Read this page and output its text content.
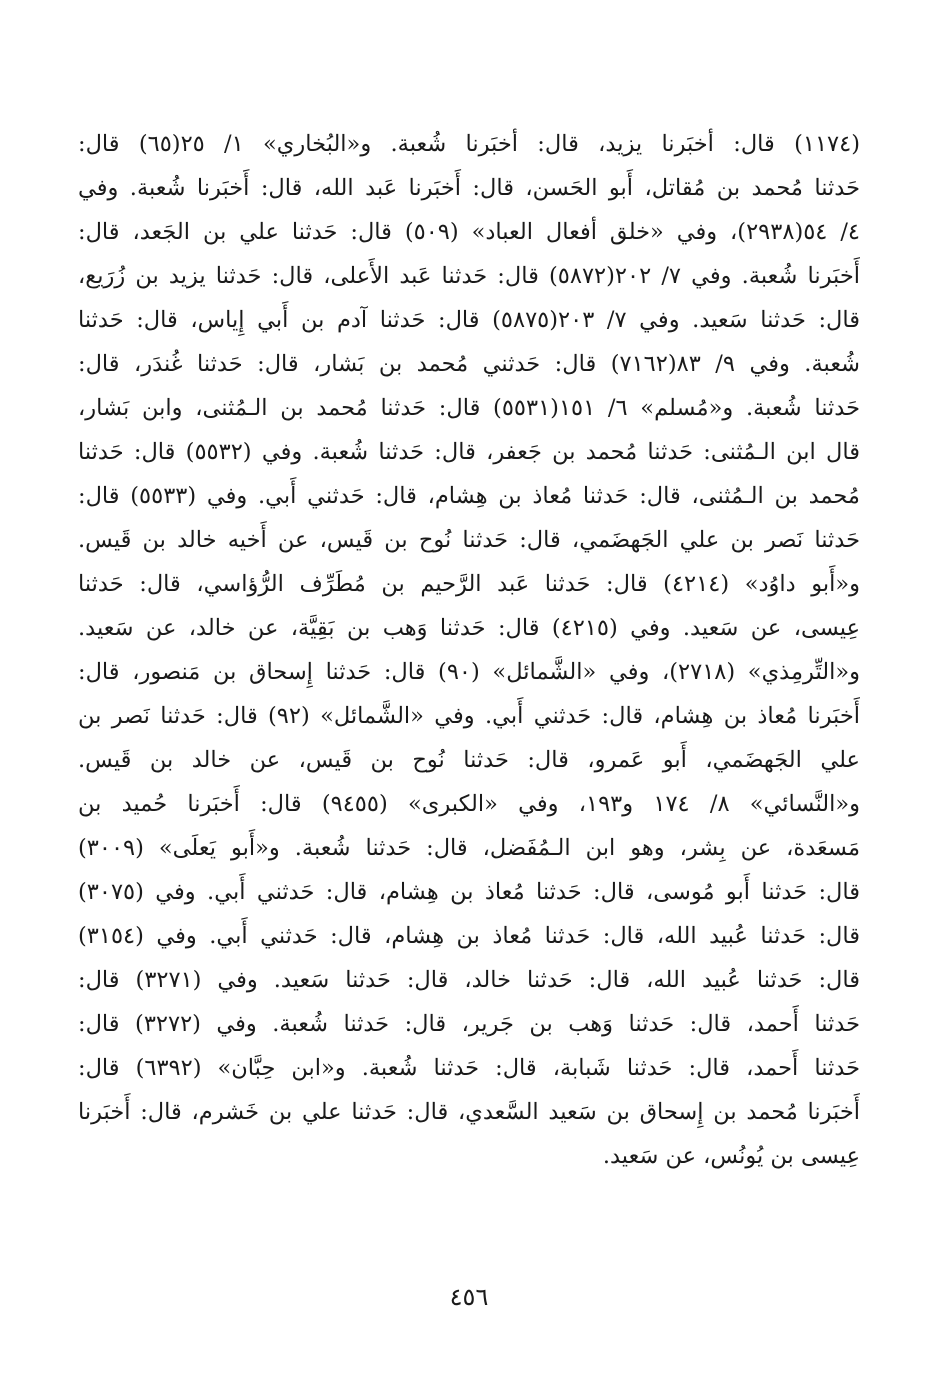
(١١٧٤) قال: أخبَرنا يزيد، قال: أخبَرنا شُعبة. و«البُخاري» ١/ ٢٥(٦٥) قال:
حَدثنا مُحمد بن مُقاتل، أَبو الحَسن، قال: أَخبَرنا عَبد الله، قال: أَخبَرنا شُعبة. وفي
٤/ ٥٤(٢٩٣٨)، وفي «خلق أفعال العباد» (٥٠٩) قال: حَدثنا علي بن الجَعد، قال:
أَخبَرنا شُعبة. وفي ٧/ ٢٠٢(٥٨٧٢) قال: حَدثنا عَبد الأَعلى، قال: حَدثنا يزيد بن زُرَيع،
قال: حَدثنا سَعيد. وفي ٧/ ٢٠٣(٥٨٧٥) قال: حَدثنا آدم بن أَبي إِياس، قال: حَدثنا
شُعبة. وفي ٩/ ٨٣(٧١٦٢) قال: حَدثني مُحمد بن بَشار، قال: حَدثنا غُندَر، قال:
حَدثنا شُعبة. و«مُسلم» ٦/ ١٥١(٥٥٣١) قال: حَدثنا مُحمد بن الـمُثنى، وابن بَشار،
قال ابن الـمُثنى: حَدثنا مُحمد بن جَعفر، قال: حَدثنا شُعبة. وفي (٥٥٣٢) قال: حَدثنا
مُحمد بن الـمُثنى، قال: حَدثنا مُعاذ بن هِشام، قال: حَدثني أَبي. وفي (٥٥٣٣) قال:
حَدثنا نَصر بن علي الجَهضَمي، قال: حَدثنا نُوح بن قَيس، عن أَخيه خالد بن قَيس.
و«أَبو داوُد» (٤٢١٤) قال: حَدثنا عَبد الرَّحيم بن مُطَرِّف الرُّؤاسي، قال: حَدثنا
عِيسى، عن سَعيد. وفي (٤٢١٥) قال: حَدثنا وَهب بن بَقِيَّة، عن خالد، عن سَعيد.
و«التِّرمِذي» (٢٧١٨)، وفي «الشَّمائل» (٩٠) قال: حَدثنا إِسحاق بن مَنصور، قال:
أَخبَرنا مُعاذ بن هِشام، قال: حَدثني أَبي. وفي «الشَّمائل» (٩٢) قال: حَدثنا نَصر بن
علي الجَهضَمي، أَبو عَمرو، قال: حَدثنا نُوح بن قَيس، عن خالد بن قَيس.
و«النَّسائي» ٨/ ١٧٤ و١٩٣، وفي «الكبرى» (٩٤٥٥) قال: أَخبَرنا حُميد بن
مَسعَدة، عن بِشر، وهو ابن الـمُفَضل، قال: حَدثنا شُعبة. و«أَبو يَعلَى» (٣٠٠٩)
قال: حَدثنا أَبو مُوسى، قال: حَدثنا مُعاذ بن هِشام، قال: حَدثني أَبي. وفي (٣٠٧٥)
قال: حَدثنا عُبيد الله، قال: حَدثنا مُعاذ بن هِشام، قال: حَدثني أَبي. وفي (٣١٥٤)
قال: حَدثنا عُبيد الله، قال: حَدثنا خالد، قال: حَدثنا سَعيد. وفي (٣٢٧١) قال:
حَدثنا أَحمد، قال: حَدثنا وَهب بن جَرير، قال: حَدثنا شُعبة. وفي (٣٢٧٢) قال:
حَدثنا أَحمد، قال: حَدثنا شَبابة، قال: حَدثنا شُعبة. و«ابن حِبَّان» (٦٣٩٢) قال:
أَخبَرنا مُحمد بن إِسحاق بن سَعيد السَّعدي، قال: حَدثنا علي بن خَشرم، قال: أَخبَرنا
عِيسى بن يُونُس، عن سَعيد.
٤٥٦
